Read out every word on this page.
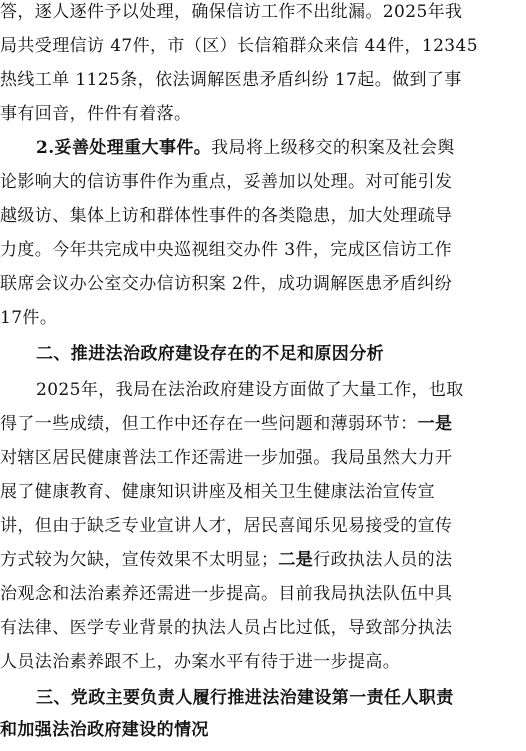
答，逐人逐件予以处理，确保信访工作不出纰漏。2025年我
局共受理信访 47件，市（区）长信箱群众来信 44件，12345
热线工单 1125条，依法调解医患矛盾纠纷 17起。做到了事
事有回音，件件有着落。
2.妥善处理重大事件。我局将上级移交的积案及社会舆
论影响大的信访事件作为重点，妥善加以处理。对可能引发
越级访、集体上访和群体性事件的各类隐患，加大处理疏导
力度。今年共完成中央巡视组交办件 3件，完成区信访工作
联席会议办公室交办信访积案 2件，成功调解医患矛盾纠纷
17件。
二、推进法治政府建设存在的不足和原因分析
2025年，我局在法治政府建设方面做了大量工作，也取
得了一些成绩，但工作中还存在一些问题和薄弱环节：一是
对辖区居民健康普法工作还需进一步加强。我局虽然大力开
展了健康教育、健康知识讲座及相关卫生健康法治宣传宣
讲，但由于缺乏专业宣讲人才，居民喜闻乐见易接受的宣传
方式较为欠缺，宣传效果不太明显；二是行政执法人员的法
治观念和法治素养还需进一步提高。目前我局执法队伍中具
有法律、医学专业背景的执法人员占比过低，导致部分执法
人员法治素养跟不上，办案水平有待于进一步提高。
三、党政主要负责人履行推进法治建设第一责任人职责
和加强法治政府建设的情况
